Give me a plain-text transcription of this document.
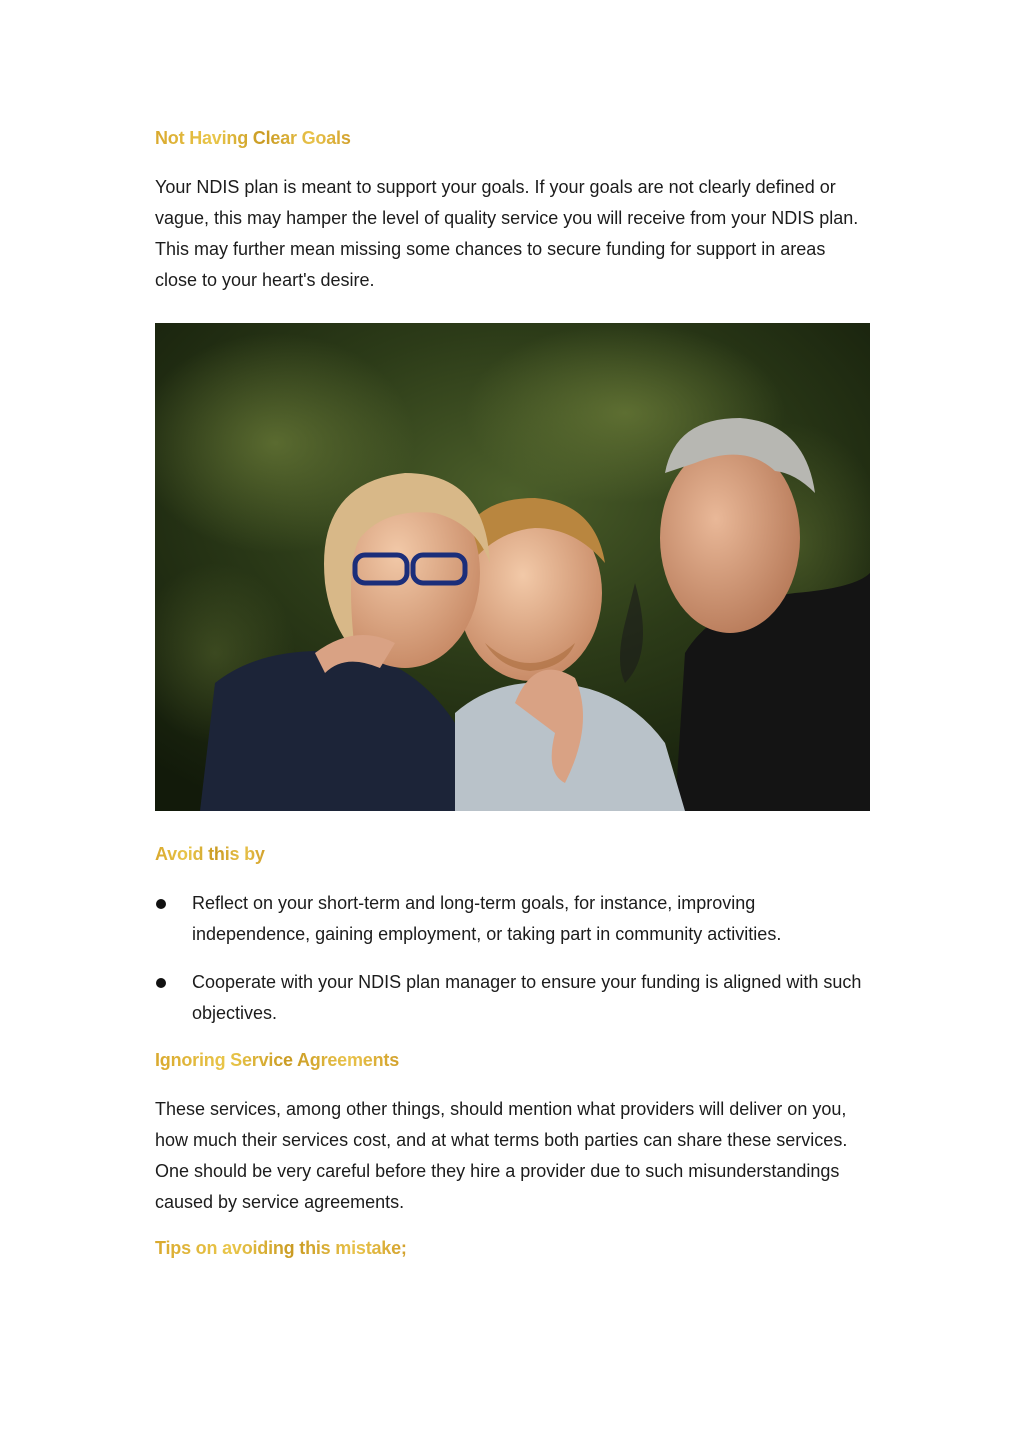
Not Having Clear Goals

Your NDIS plan is meant to support your goals. If your goals are not clearly defined or vague, this may hamper the level of quality service you will receive from your NDIS plan. This may further mean missing some chances to secure funding for support in areas close to your heart's desire.

Avoid this by
Reflect on your short-term and long-term goals, for instance, improving independence, gaining employment, or taking part in community activities.
Cooperate with your NDIS plan manager to ensure your funding is aligned with such objectives.
Ignoring Service Agreements

These services, among other things, should mention what providers will deliver on you, how much their services cost, and at what terms both parties can share these services. One should be very careful before they hire a provider due to such misunderstandings caused by service agreements.

Tips on avoiding this mistake;
